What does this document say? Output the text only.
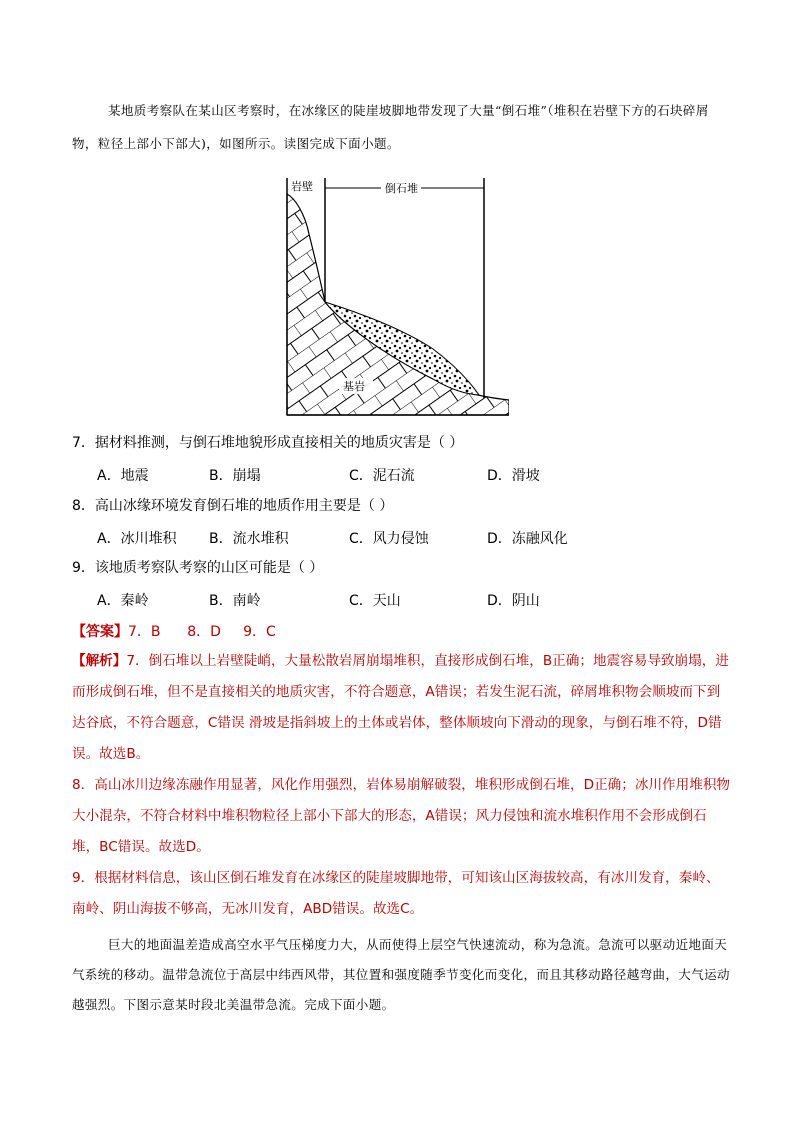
某地质考察队在某山区考察时，在冰缘区的陡崖坡脚地带发现了大量“倒石堆”（堆积在岩壁下方的石块碎屑物，粒径上部小下部大)，如图所示。读图完成下面小题。
岩壁	倒石堆
基岩
7．据材料推测，与倒石堆地貌形成直接相关的地质灾害是（ ）
A．地震	B．崩塌	C．泥石流	D．滑坡
8．高山冰缘环境发育倒石堆的地质作用主要是（ ）
A．冰川堆积 B．流水堆积	C．风力侵蚀	D．冻融风化
9．该地质考察队考察的山区可能是（ ）
A．秦岭	B．南岭	C．天山	D．阴山
【答案】7．B      8．D     9．C
【解析】7．倒石堆以上岩壁陡峭，大量松散岩屑崩塌堆积，直接形成倒石堆，B正确；地震容易导致崩塌，进而形成倒石堆，但不是直接相关的地质灾害，不符合题意，A错误；若发生泥石流，碎屑堆积物会顺坡而下到达谷底，不符合题意，C错误 滑坡是指斜坡上的土体或岩体，整体顺坡向下滑动的现象，与倒石堆不符，D错误。故选B。
8．高山冰川边缘冻融作用显著，风化作用强烈，岩体易崩解破裂，堆积形成倒石堆，D正确；冰川作用堆积物大小混杂，不符合材料中堆积物粒径上部小下部大的形态，A错误；风力侵蚀和流水堆积作用不会形成倒石堆，BC错误。故选D。
9．根据材料信息，该山区倒石堆发育在冰缘区的陡崖坡脚地带，可知该山区海拔较高，有冰川发育，秦岭、南岭、阴山海拔不够高，无冰川发育，ABD错误。故选C。
巨大的地面温差造成高空水平气压梯度力大，从而使得上层空气快速流动，称为急流。急流可以驱动近地面天气系统的移动。温带急流位于高层中纬西风带，其位置和强度随季节变化而变化，而且其移动路径越弯曲，大气运动越强烈。下图示意某时段北美温带急流。完成下面小题。
